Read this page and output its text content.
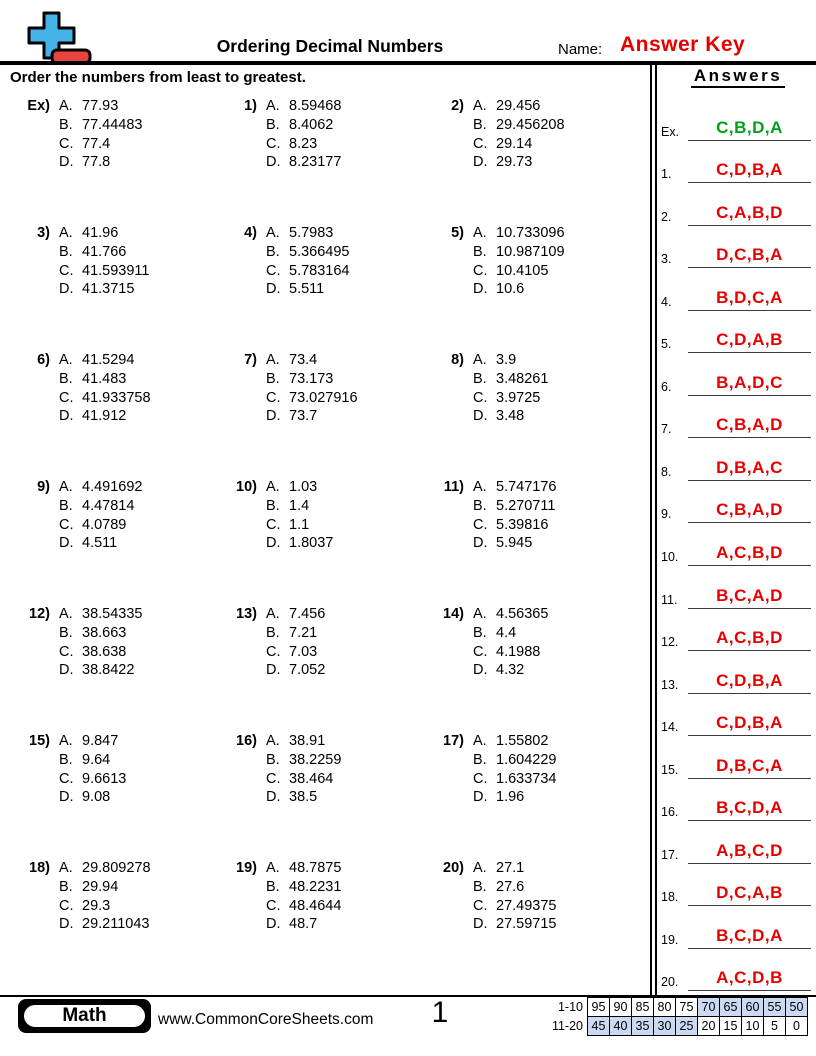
Ordering Decimal Numbers	Name: Answer Key
Order the numbers from least to greatest.
Ex) A. 77.93
B. 77.44483
C. 77.4
D. 77.8
1) A. 8.59468
B. 8.4062
C. 8.23
D. 8.23177
2) A. 29.456
B. 29.456208
C. 29.14
D. 29.73
3) A. 41.96
B. 41.766
C. 41.593911
D. 41.3715
4) A. 5.7983
B. 5.366495
C. 5.783164
D. 5.511
5) A. 10.733096
B. 10.987109
C. 10.4105
D. 10.6
6) A. 41.5294
B. 41.483
C. 41.933758
D. 41.912
7) A. 73.4
B. 73.173
C. 73.027916
D. 73.7
8) A. 3.9
B. 3.48261
C. 3.9725
D. 3.48
9) A. 4.491692
B. 4.47814
C. 4.0789
D. 4.511
10) A. 1.03
B. 1.4
C. 1.1
D. 1.8037
11) A. 5.747176
B. 5.270711
C. 5.39816
D. 5.945
12) A. 38.54335
B. 38.663
C. 38.638
D. 38.8422
13) A. 7.456
B. 7.21
C. 7.03
D. 7.052
14) A. 4.56365
B. 4.4
C. 4.1988
D. 4.32
15) A. 9.847
B. 9.64
C. 9.6613
D. 9.08
16) A. 38.91
B. 38.2259
C. 38.464
D. 38.5
17) A. 1.55802
B. 1.604229
C. 1.633734
D. 1.96
18) A. 29.809278
B. 29.94
C. 29.3
D. 29.211043
19) A. 48.7875
B. 48.2231
C. 48.4644
D. 48.7
20) A. 27.1
B. 27.6
C. 27.49375
D. 27.59715
Answers
Ex.	C,B,D,A
1.	C,D,B,A
2.	C,A,B,D
3.	D,C,B,A
4.	B,D,C,A
5.	C,D,A,B
6.	B,A,D,C
7.	C,B,A,D
8.	D,B,A,C
9.	C,B,A,D
10.	A,C,B,D
11.	B,C,A,D
12.	A,C,B,D
13.	C,D,B,A
14.	C,D,B,A
15.	D,B,C,A
16.	B,C,D,A
17.	A,B,C,D
18.	D,C,A,B
19.	B,C,D,A
20.	A,C,D,B
Math	www.CommonCoreSheets.com	1	1-10 95 90 85 80 75 70 65 60 55 50
11-20 45 40 35 30 25 20 15 10 5	0
